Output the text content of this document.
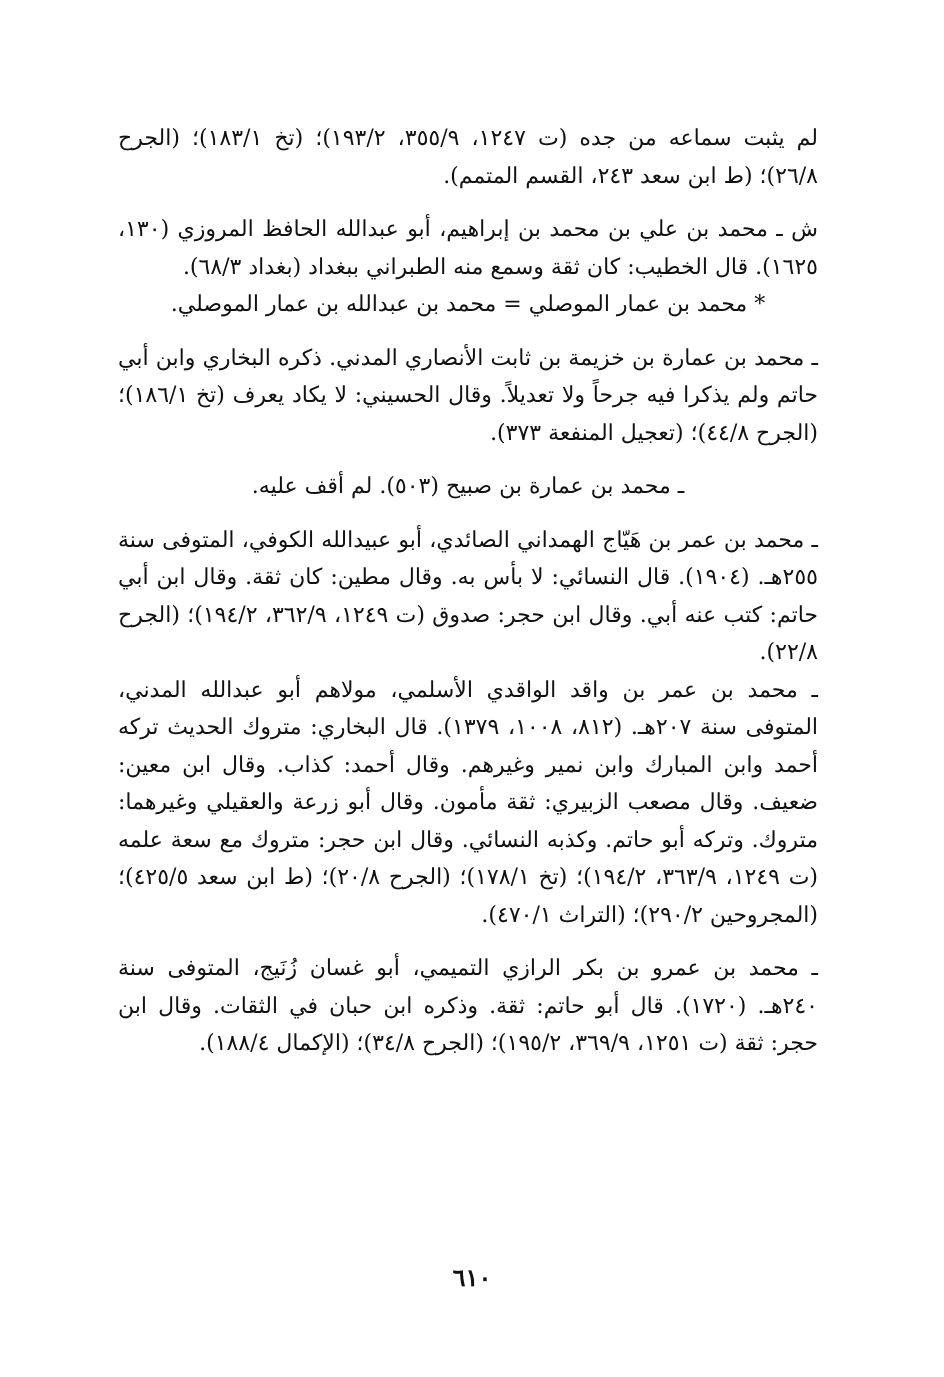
لم يثبت سماعه من جده (ت ١٢٤٧، ٣٥٥/٩، ١٩٣/٢)؛ (تخ ١٨٣/١)؛ (الجرح ٢٦/٨)؛ (ط ابن سعد ٢٤٣، القسم المتمم).

ش ـ محمد بن علي بن محمد بن إبراهيم، أبو عبدالله الحافظ المروزي (١٣٠، ١٦٢٥). قال الخطيب: كان ثقة وسمع منه الطبراني ببغداد (بغداد ٦٨/٣).

* محمد بن عمار الموصلي = محمد بن عبدالله بن عمار الموصلي.

ـ محمد بن عمارة بن خزيمة بن ثابت الأنصاري المدني. ذكره البخاري وابن أبي حاتم ولم يذكرا فيه جرحاً ولا تعديلاً. وقال الحسيني: لا يكاد يعرف (تخ ١٨٦/١)؛ (الجرح ٤٤/٨)؛ (تعجيل المنفعة ٣٧٣).

ـ محمد بن عمارة بن صبيح (٥٠٣). لم أقف عليه.

ـ محمد بن عمر بن هَيّاج الهمداني الصائدي، أبو عبيدالله الكوفي، المتوفى سنة ٢٥٥هـ. (١٩٠٤). قال النسائي: لا بأس به. وقال مطين: كان ثقة. وقال ابن أبي حاتم: كتب عنه أبي. وقال ابن حجر: صدوق (ت ١٢٤٩، ٣٦٢/٩، ١٩٤/٢)؛ (الجرح ٢٢/٨).

ـ محمد بن عمر بن واقد الواقدي الأسلمي، مولاهم أبو عبدالله المدني، المتوفى سنة ٢٠٧هـ. (٨١٢، ١٠٠٨، ١٣٧٩). قال البخاري: متروك الحديث تركه أحمد وابن المبارك وابن نمير وغيرهم. وقال أحمد: كذاب. وقال ابن معين: ضعيف. وقال مصعب الزبيري: ثقة مأمون. وقال أبو زرعة والعقيلي وغيرهما: متروك. وتركه أبو حاتم. وكذبه النسائي. وقال ابن حجر: متروك مع سعة علمه (ت ١٢٤٩، ٣٦٣/٩، ١٩٤/٢)؛ (تخ ١٧٨/١)؛ (الجرح ٢٠/٨)؛ (ط ابن سعد ٤٢٥/٥)؛ (المجروحين ٢٩٠/٢)؛ (التراث ٤٧٠/١).

ـ محمد بن عمرو بن بكر الرازي التميمي، أبو غسان زُنَيج، المتوفى سنة ٢٤٠هـ. (١٧٢٠). قال أبو حاتم: ثقة. وذكره ابن حبان في الثقات. وقال ابن حجر: ثقة (ت ١٢٥١، ٣٦٩/٩، ١٩٥/٢)؛ (الجرح ٣٤/٨)؛ (الإكمال ١٨٨/٤).

٦١٠
